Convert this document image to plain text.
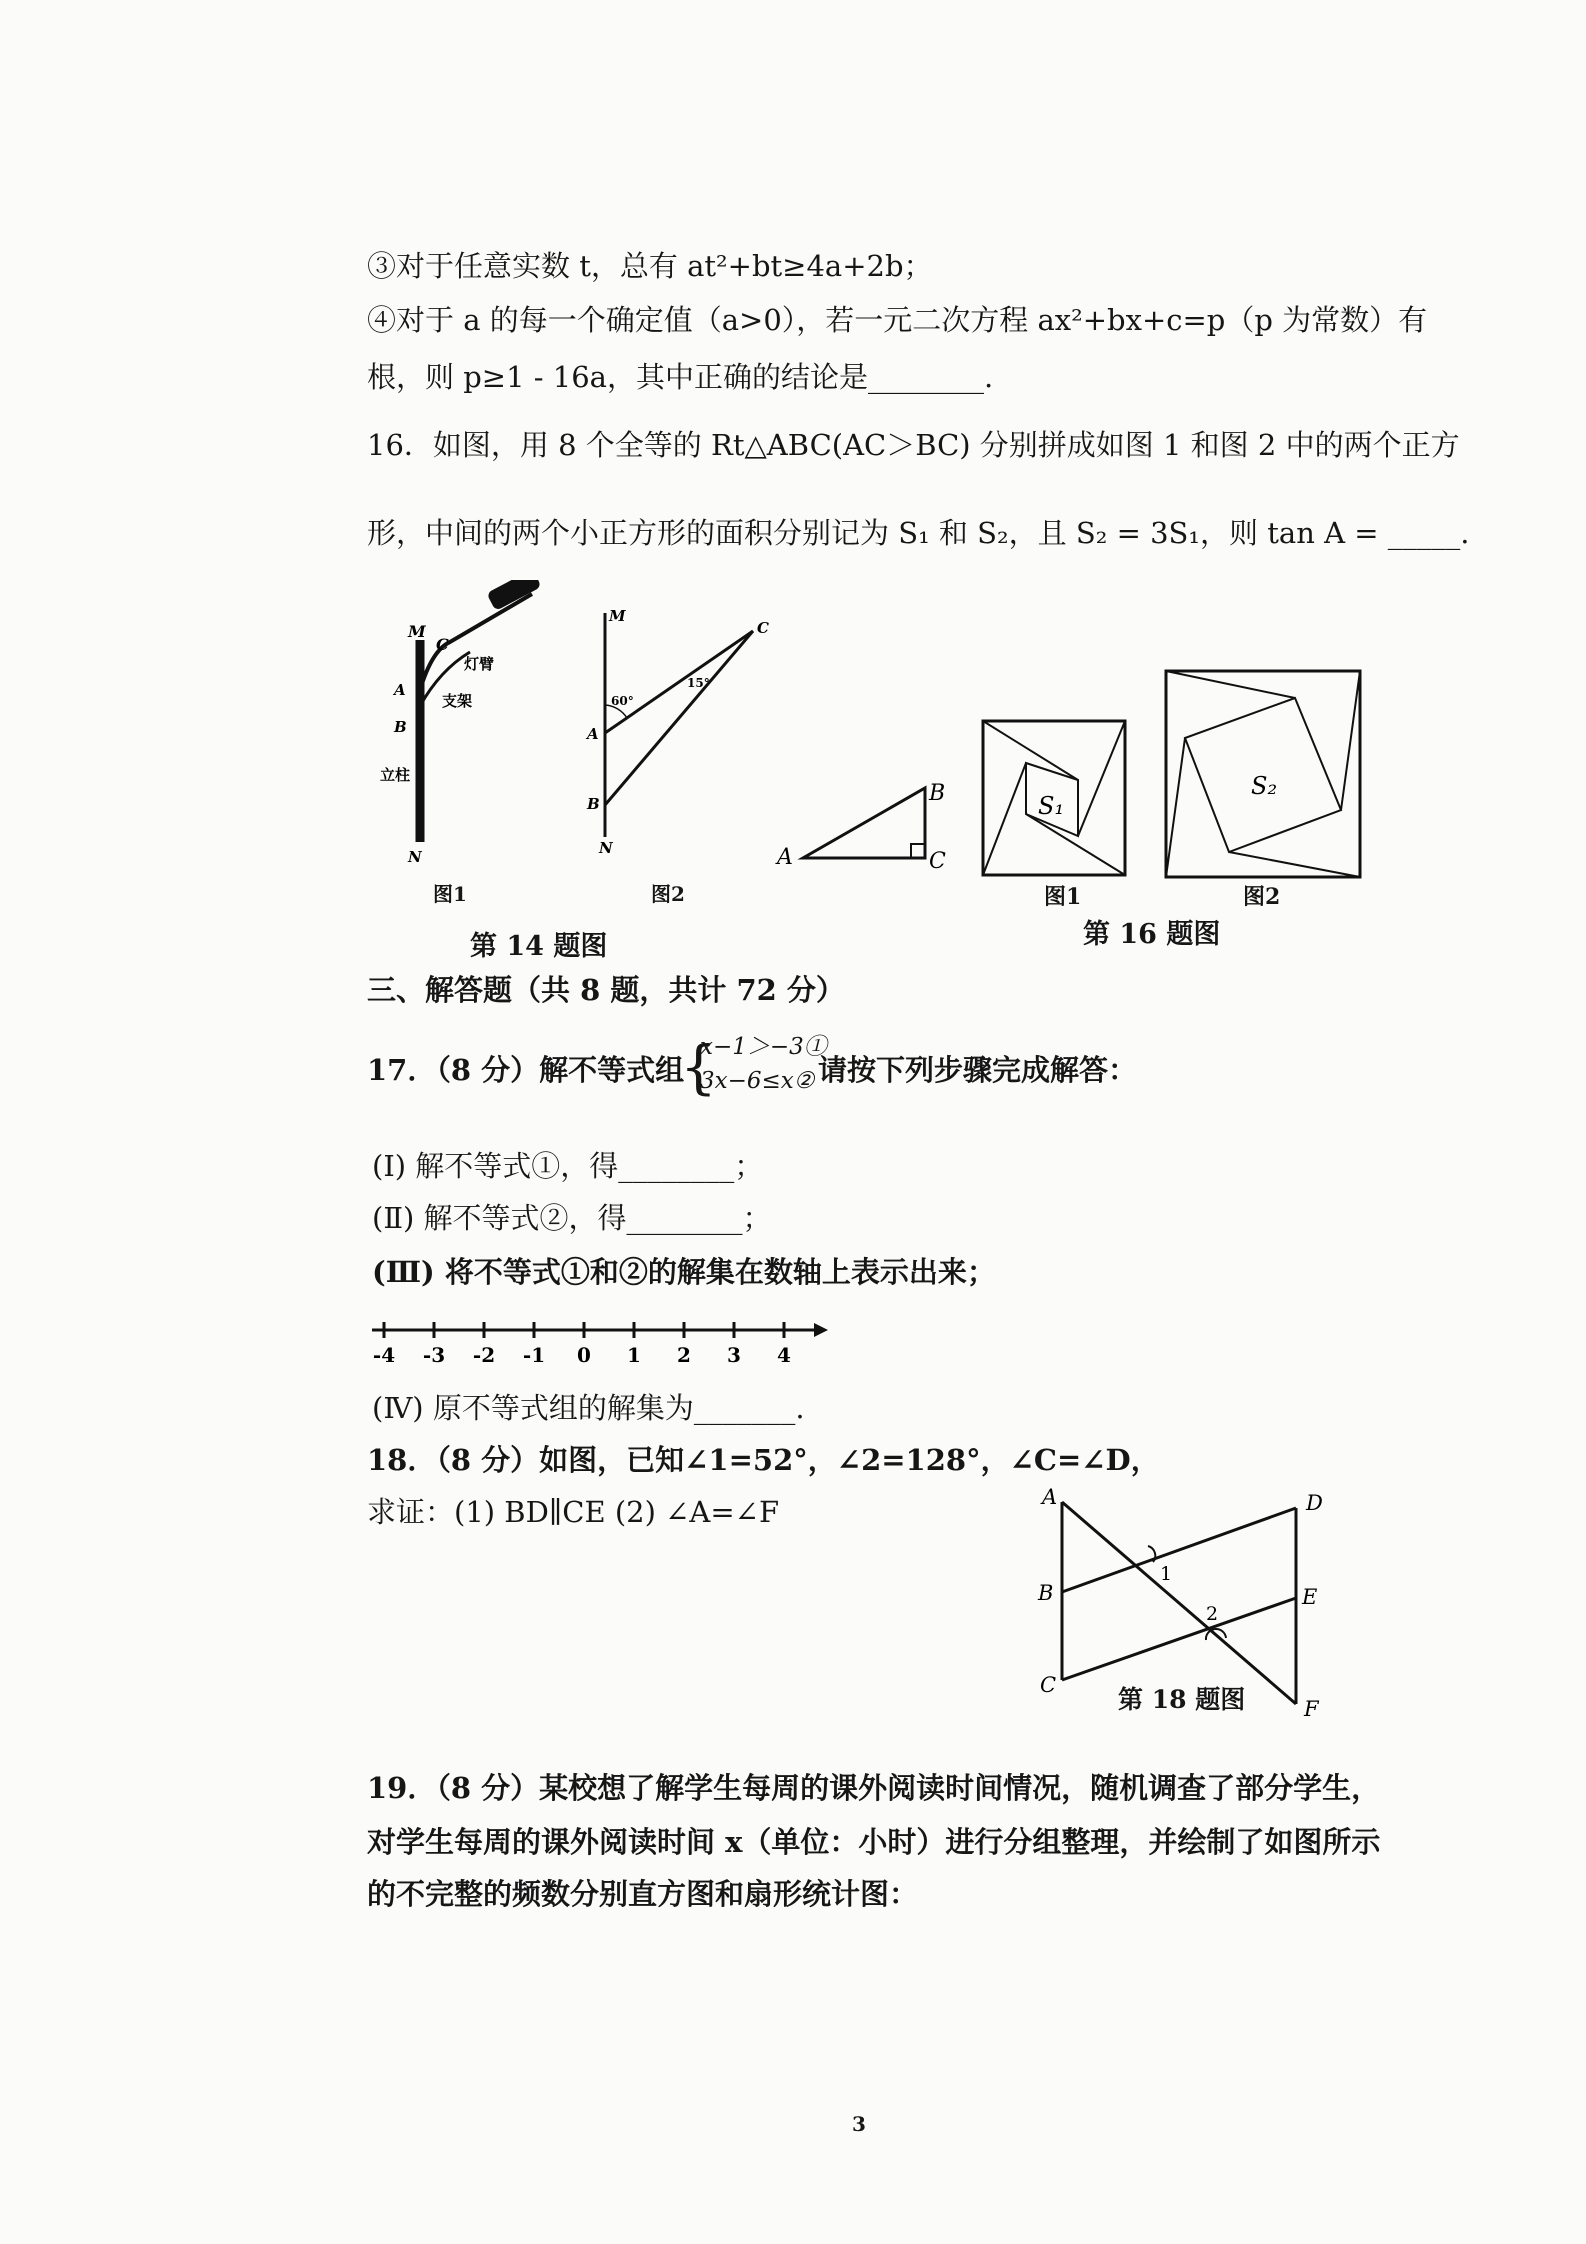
③对于任意实数 t，总有 at²+bt≥4a+2b；
④对于 a 的每一个确定值（a>0），若一元二次方程 ax²+bx+c=p（p 为常数）有
根，则 p≥1 - 16a，其中正确的结论是________.
16．如图，用 8 个全等的 Rt△ABC(AC＞BC) 分别拼成如图 1 和图 2 中的两个正方
形，中间的两个小正方形的面积分别记为 S₁ 和 S₂，且 S₂ = 3S₁，则 tan A = _____.
M
C
A
B
N
灯臂
支架
立柱
图1
M
C
A
B
N
60°
15°
图2
第 14 题图
A
B
C
S₁
图1
S₂
图2
第 16 题图
三、解答题（共 8 题，共计 72 分）
17．（8 分）解不等式组
{
x−1＞−3①
3x−6≤x② 请按下列步骤完成解答：
(Ⅰ) 解不等式①，得________；
(Ⅱ) 解不等式②，得________；
(Ⅲ) 将不等式①和②的解集在数轴上表示出来；
-4 -3 -2 -1 0 1 2 3 4
(Ⅳ) 原不等式组的解集为_______.
18．（8 分）如图，已知∠1=52°，∠2=128°，∠C=∠D，
求证：(1) BD∥CE (2) ∠A=∠F	A	D
B
1
2
E
C
F
第 18 题图
19．（8 分）某校想了解学生每周的课外阅读时间情况，随机调查了部分学生，
对学生每周的课外阅读时间 x（单位：小时）进行分组整理，并绘制了如图所示
的不完整的频数分别直方图和扇形统计图：
3
